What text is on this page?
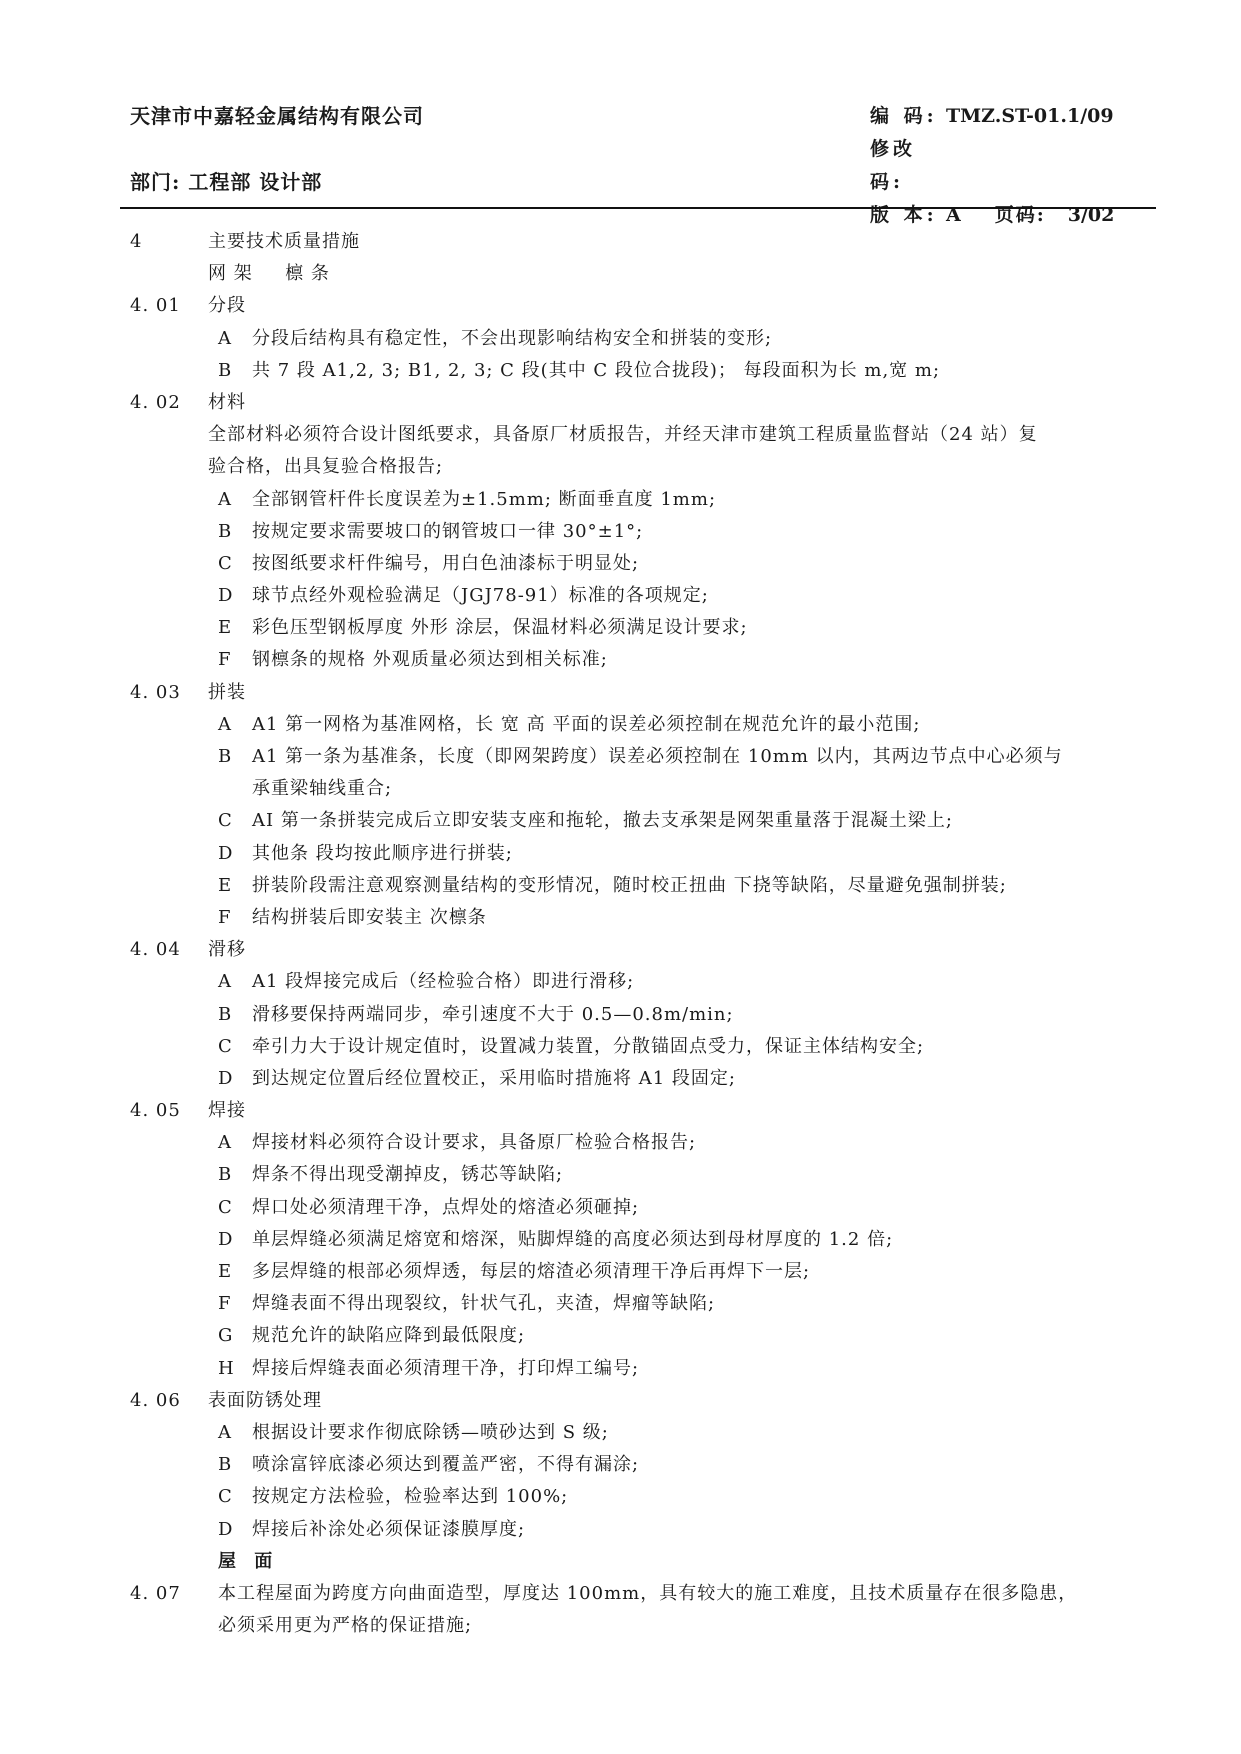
天津市中嘉轻金属结构有限公司
部门: 工程部 设计部
编 码: TMZ.ST-01.1/09
修改码:
版 本: A 页码: 3/02
4	主要技术质量措施
网 架 　 檩 条
4. 01 分段
A 分段后结构具有稳定性，不会出现影响结构安全和拼装的变形;
B 共 7 段 A1,2, 3; B1, 2, 3; C 段(其中 C 段位合拢段)； 每段面积为长 m,宽 m;
4. 02 材料
全部材料必须符合设计图纸要求，具备原厂材质报告，并经天津市建筑工程质量监督站（24 站）复
验合格，出具复验合格报告;
A 全部钢管杆件长度误差为±1.5mm; 断面垂直度 1mm;
B 按规定要求需要坡口的钢管坡口一律 30°±1°;
C 按图纸要求杆件编号，用白色油漆标于明显处;
D 球节点经外观检验满足（JGJ78-91）标准的各项规定;
E 彩色压型钢板厚度 外形 涂层，保温材料必须满足设计要求;
F 钢檩条的规格 外观质量必须达到相关标准;
4. 03 拼装
A A1 第一网格为基准网格，长 宽 高 平面的误差必须控制在规范允许的最小范围;
B A1 第一条为基准条，长度（即网架跨度）误差必须控制在 10mm 以内，其两边节点中心必须与
承重梁轴线重合;
C AI 第一条拼装完成后立即安装支座和拖轮，撤去支承架是网架重量落于混凝土梁上;
D 其他条 段均按此顺序进行拼装;
E 拼装阶段需注意观察测量结构的变形情况，随时校正扭曲 下挠等缺陷，尽量避免强制拼装;
F 结构拼装后即安装主 次檩条
4. 04 滑移
A A1 段焊接完成后（经检验合格）即进行滑移;
B 滑移要保持两端同步，牵引速度不大于 0.5—0.8m/min;
C 牵引力大于设计规定值时，设置减力装置，分散锚固点受力，保证主体结构安全;
D 到达规定位置后经位置校正，采用临时措施将 A1 段固定;
4. 05 焊接
A 焊接材料必须符合设计要求，具备原厂检验合格报告;
B 焊条不得出现受潮掉皮，锈芯等缺陷;
C 焊口处必须清理干净，点焊处的熔渣必须砸掉;
D 单层焊缝必须满足熔宽和熔深，贴脚焊缝的高度必须达到母材厚度的 1.2 倍;
E 多层焊缝的根部必须焊透，每层的熔渣必须清理干净后再焊下一层;
F 焊缝表面不得出现裂纹，针状气孔，夹渣，焊瘤等缺陷;
G 规范允许的缺陷应降到最低限度;
H 焊接后焊缝表面必须清理干净，打印焊工编号;
4. 06 表面防锈处理
A 根据设计要求作彻底除锈—喷砂达到 S 级;
B 喷涂富锌底漆必须达到覆盖严密，不得有漏涂;
C 按规定方法检验，检验率达到 100%;
D 焊接后补涂处必须保证漆膜厚度;
屋 面
4. 07 本工程屋面为跨度方向曲面造型，厚度达 100mm，具有较大的施工难度，且技术质量存在很多隐患，
必须采用更为严格的保证措施;
